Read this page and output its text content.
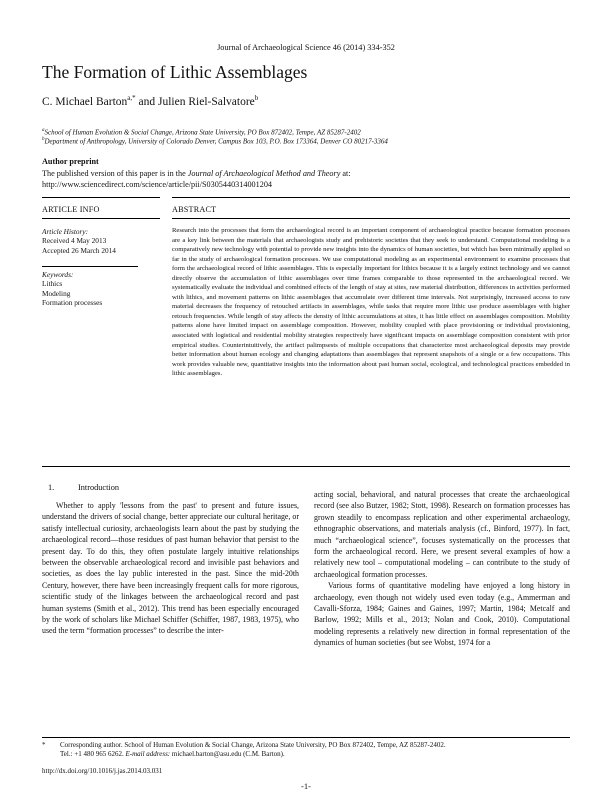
Journal of Archaeological Science 46 (2014) 334-352
The Formation of Lithic Assemblages
C. Michael Barton$^{a,*}$ and Julien Riel-Salvatore$^b$
$^a$School of Human Evolution & Social Change, Arizona State University, PO Box 872402, Tempe, AZ 85287-2402
$^b$Department of Anthropology, University of Colorado Denver, Campus Box 103, P.O. Box 173364, Denver CO 80217-3364
Author preprint
The published version of this paper is in the Journal of Archaeological Method and Theory at:
http://www.sciencedirect.com/science/article/pii/S0305440314001204
ARTICLE INFO	ABSTRACT
Article History:
Received 4 May 2013
Accepted 26 March 2014
Keywords:
Lithics
Modeling
Formation processes
Research into the processes that form the archaeological record is an important component of archaeological practice because formation processes are a key link between the materials that archaeologists study and prehistoric societies that they seek to understand. Computational modeling is a comparatively new technology with potential to provide new insights into the dynamics of human societies, but which has been minimally applied so far in the study of archaeological formation processes. We use computational modeling as an experimental environment to examine processes that form the archaeological record of lithic assemblages. This is especially important for lithics because it is a largely extinct technology and we cannot directly observe the accumulation of lithic assemblages over time frames comparable to those represented in the archaeological record. We systematically evaluate the individual and combined effects of the length of stay at sites, raw material distribution, differences in activities performed with lithics, and movement patterns on lithic assemblages that accumulate over different time intervals. Not surprisingly, increased access to raw material decreases the frequency of retouched artifacts in assemblages, while tasks that require more lithic use produce assemblages with higher retouch frequencies. While length of stay affects the density of lithic accumulations at sites, it has little effect on assemblages composition. Mobility patterns alone have limited impact on assemblage composition. However, mobility coupled with place provisioning or individual provisioning, associated with logistical and residential mobility strategies respectively have significant impacts on assemblage composition consistent with prior empirical studies. Counterintuitively, the artifact palimpsests of multiple occupations that characterize most archaeological deposits may provide better information about human ecology and changing adaptations than assemblages that represent snapshots of a single or a few occupations. This work provides valuable new, quantitative insights into the information about past human social, ecological, and technological practices embedded in lithic assemblages.
1.	Introduction

Whether to apply 'lessons from the past' to present and future issues, understand the drivers of social change, better appreciate our cultural heritage, or satisfy intellectual curiosity, archaeologists learn about the past by studying the archaeological record—those residues of past human behavior that persist to the present day. To do this, they often postulate largely intuitive relationships between the observable archaeological record and invisible past behaviors and societies, as does the lay public interested in the past. Since the mid-20th Century, however, there have been increasingly frequent calls for more rigorous, scientific study of the linkages between the archaeological record and past human systems (Smith et al., 2012). This trend has been especially encouraged by the work of scholars like Michael Schiffer (Schiffer, 1987, 1983, 1975), who used the term “formation processes” to describe the inter-

acting social, behavioral, and natural processes that create the archaeological record (see also Butzer, 1982; Stott, 1998). Research on formation processes has grown steadily to encompass replication and other experimental archaeology, ethnographic observations, and materials analysis (cf., Binford, 1977). In fact, much “archaeological science”, focuses systematically on the processes that form the archaeological record. Here, we present several examples of how a relatively new tool – computational modeling – can contribute to the study of archaeological formation processes.

Various forms of quantitative modeling have enjoyed a long history in archaeology, even though not widely used even today (e.g., Ammerman and Cavalli-Sforza, 1984; Gaines and Gaines, 1997; Martin, 1984; Metcalf and Barlow, 1992; Mills et al., 2013; Nolan and Cook, 2010). Computational modeling represents a relatively new direction in formal representation of the dynamics of human societies (but see Wobst, 1974 for a

* Corresponding author. School of Human Evolution & Social Change, Arizona State University, PO Box 872402, Tempe, AZ 85287-2402.
Tel.: +1 480 965 6262. E-mail address: michael.barton@asu.edu (C.M. Barton).
http://dx.doi.org/10.1016/j.jas.2014.03.031
-1-
